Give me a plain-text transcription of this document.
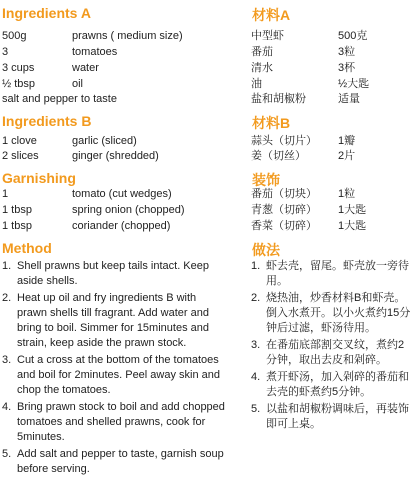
Ingredients A
500g	prawns ( medium size)
3	tomatoes
3 cups	water
½ tbsp	oil
salt and pepper to taste
Ingredients B
1 clove	garlic (sliced)
2 slices	ginger (shredded)
Garnishing
1	tomato (cut wedges)
1 tbsp	spring onion (chopped)
1 tbsp	coriander (chopped)
Method
1. Shell prawns but keep tails intact. Keep aside shells.
2. Heat up oil and fry ingredients B with prawn shells till fragrant. Add water and bring to boil. Simmer for 15minutes and strain, keep aside the prawn stock.
3. Cut a cross at the bottom of the tomatoes and boil for 2minutes. Peel away skin and chop the tomatoes.
4. Bring prawn stock to boil and add chopped tomatoes and shelled prawns, cook for 5minutes.
5. Add salt and pepper to taste, garnish soup before serving.
材料A
中型虾	500克
番茄	3粒
清水	3杯
油	½大匙
盐和胡椒粉	适量
材料B
蒜头（切片） 1瓣
姜（切丝）	2片
装饰
番茄（切块） 1粒
青葱（切碎） 1大匙
香菜（切碎） 1大匙
做法
1. 虾去壳，留尾。虾壳放一旁待用。
2. 烧热油，炒香材料B和虾壳。倒入水煮开。以小火煮约15分钟后过滤，虾汤待用。
3. 在番茄底部割交叉纹，煮约2分钟，取出去皮和剁碎。
4. 煮开虾汤，加入剁碎的番茄和去壳的虾煮约5分钟。
5. 以盐和胡椒粉调味后，再装饰即可上桌。
